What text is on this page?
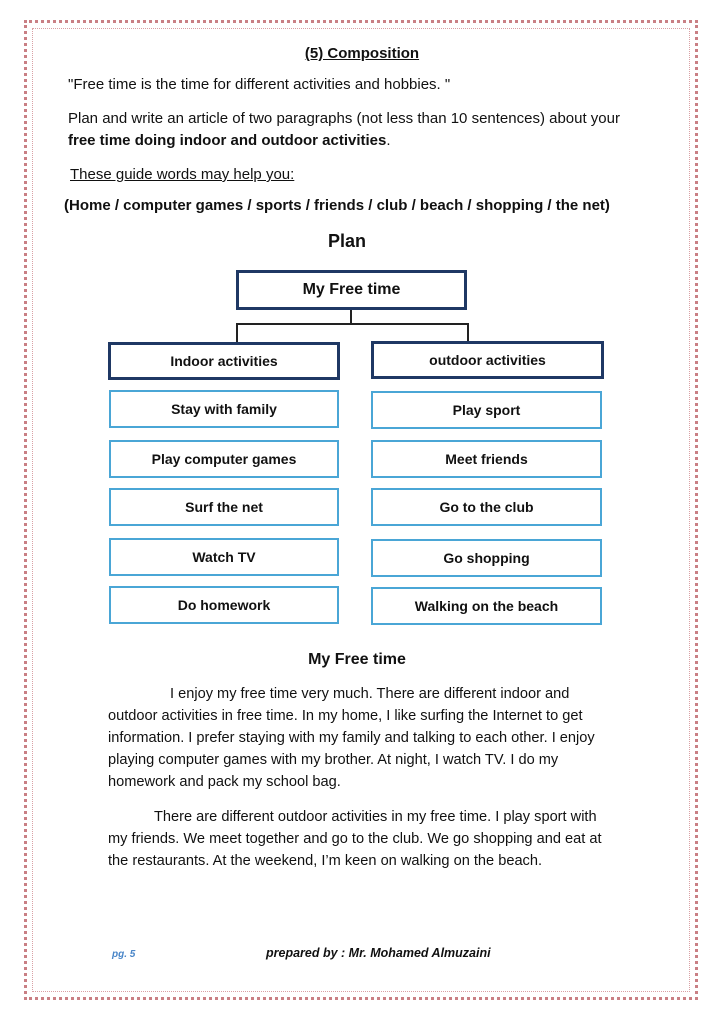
(5) Composition
"Free time is the time for different activities and hobbies. "
Plan and write an article of two paragraphs (not less than 10 sentences) about your
free time doing indoor and outdoor activities.
These guide words may help you:
(Home / computer games / sports / friends / club / beach / shopping / the net)
Plan
My Free time
Indoor activities	outdoor activities
Stay with family
Play computer games
Surf the net
Watch TV
Do homework
Play sport
Meet friends
Go to the club
Go shopping
Walking on the beach
My Free time
I enjoy my free time very much. There are different indoor and outdoor activities in free time. In my home, I like surfing the Internet to get information. I prefer staying with my family and talking to each other. I enjoy playing computer games with my brother. At night, I watch TV. I do my homework and pack my school bag.
There are different outdoor activities in my free time. I play sport with my friends. We meet together and go to the club. We go shopping and eat at the restaurants. At the weekend, I’m keen on walking on the beach.
pg. 5	prepared by : Mr. Mohamed Almuzaini
